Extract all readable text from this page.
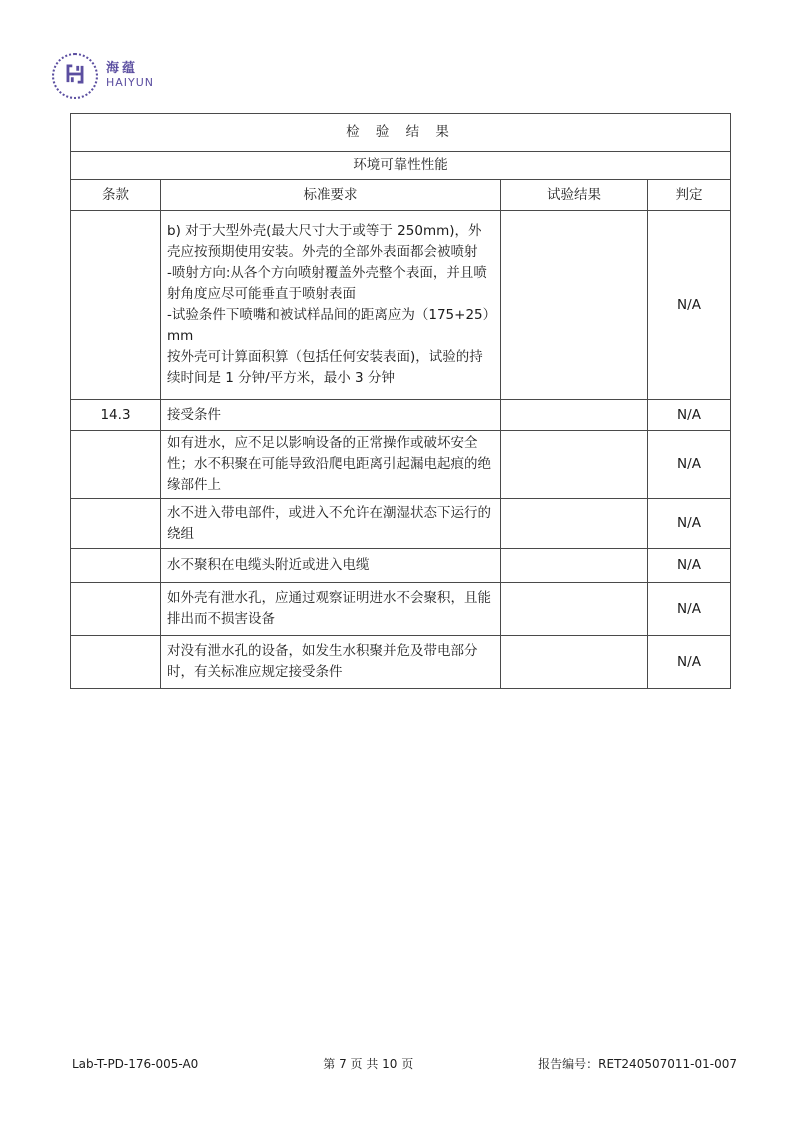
海蕴
HAIYUN
检 验 结 果			
环境可靠性性能			
条款	标准要求	试验结果	判定
	b) 对于大型外壳(最大尺寸大于或等于 250mm)，外壳应按预期使用安装。外壳的全部外表面都会被喷射
-喷射方向:从各个方向喷射覆盖外壳整个表面，并且喷射角度应尽可能垂直于喷射表面
-试验条件下喷嘴和被试样品间的距离应为（175+25）mm
按外壳可计算面积算（包括任何安装表面)，试验的持续时间是 1 分钟/平方米，最小 3 分钟		N/A
14.3	接受条件		N/A
	如有进水，应不足以影响设备的正常操作或破坏安全性；水不积聚在可能导致沿爬电距离引起漏电起痕的绝缘部件上		N/A
	水不进入带电部件，或进入不允许在潮湿状态下运行的绕组		N/A
	水不聚积在电缆头附近或进入电缆		N/A
	如外壳有泄水孔，应通过观察证明进水不会聚积，且能排出而不损害设备		N/A
	对没有泄水孔的设备，如发生水积聚并危及带电部分时，有关标准应规定接受条件		N/A
Lab-T-PD-176-005-A0	第 7 页 共 10 页	报告编号：RET240507011-01-007
